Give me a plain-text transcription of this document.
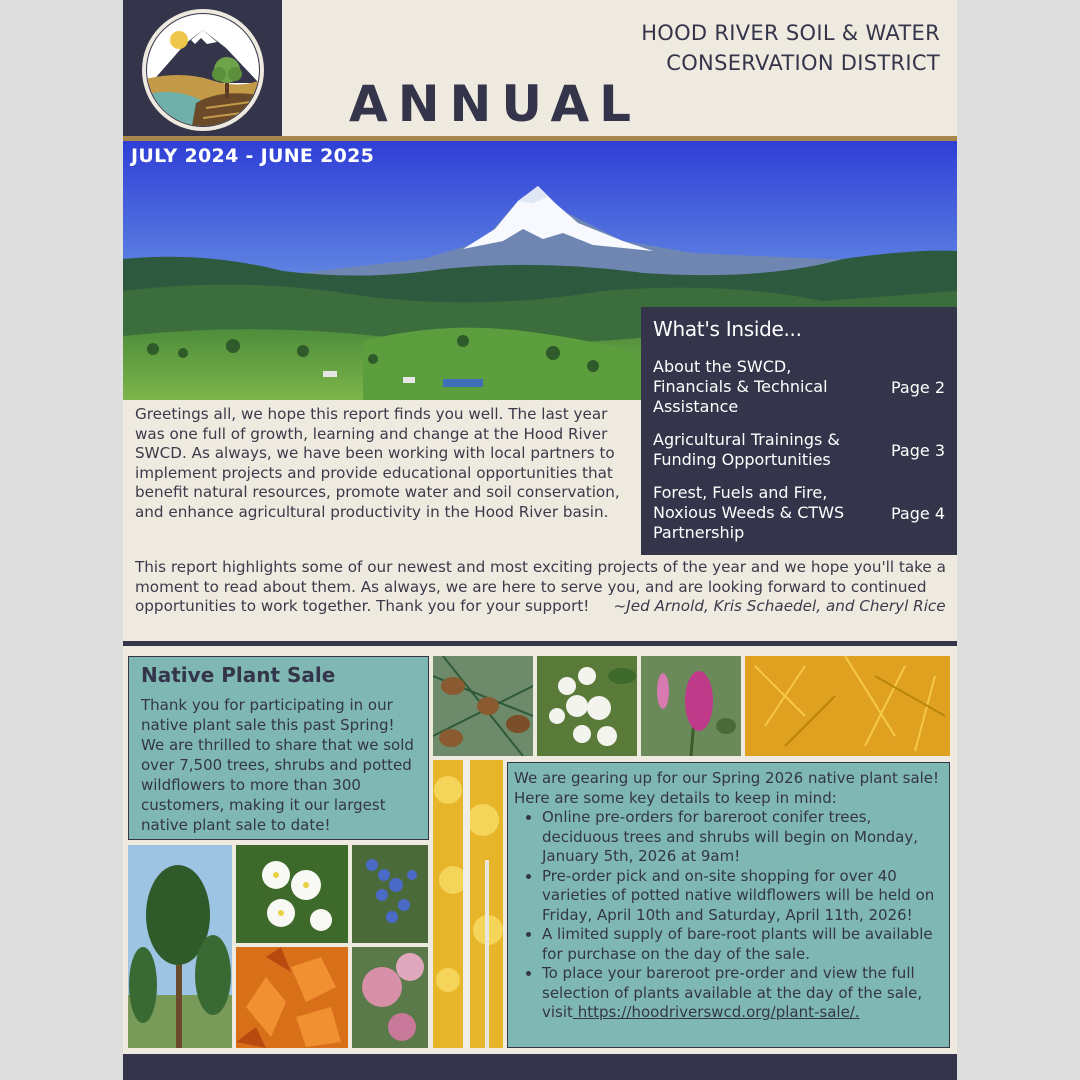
HOOD RIVER SOIL & WATER
CONSERVATION DISTRICT
ANNUAL
JULY 2024 - JUNE 2025
What's Inside...
About the SWCD, Financials & Technical Assistance
Page 2
Agricultural Trainings & Funding Opportunities	Page 3
Forest, Fuels and Fire, Noxious Weeds & CTWS Partnership
Page 4

Greetings all, we hope this report finds you well. The last year was one full of growth, learning and change at the Hood River SWCD. As always, we have been working with local partners to implement projects and provide educational opportunities that benefit natural resources, promote water and soil conservation, and enhance agricultural productivity in the Hood River basin.

This report highlights some of our newest and most exciting projects of the year and we hope you'll take a moment to read about them. As always, we are here to serve you, and are looking forward to continued opportunities to work together. Thank you for your support! ~Jed Arnold, Kris Schaedel, and Cheryl Rice

Native Plant Sale

Thank you for participating in our native plant sale this past Spring! We are thrilled to share that we sold over 7,500 trees, shrubs and potted wildflowers to more than 300 customers, making it our largest native plant sale to date!

We are gearing up for our Spring 2026 native plant sale! Here are some key details to keep in mind:
• Online pre-orders for bareroot conifer trees, deciduous trees and shrubs will begin on Monday, January 5th, 2026 at 9am!
• Pre-order pick and on-site shopping for over 40 varieties of potted native wildflowers will be held on Friday, April 10th and Saturday, April 11th, 2026!
• A limited supply of bare-root plants will be available for purchase on the day of the sale.
• To place your bareroot pre-order and view the full selection of plants available at the day of the sale, visit https://hoodriverswcd.org/plant-sale/.
